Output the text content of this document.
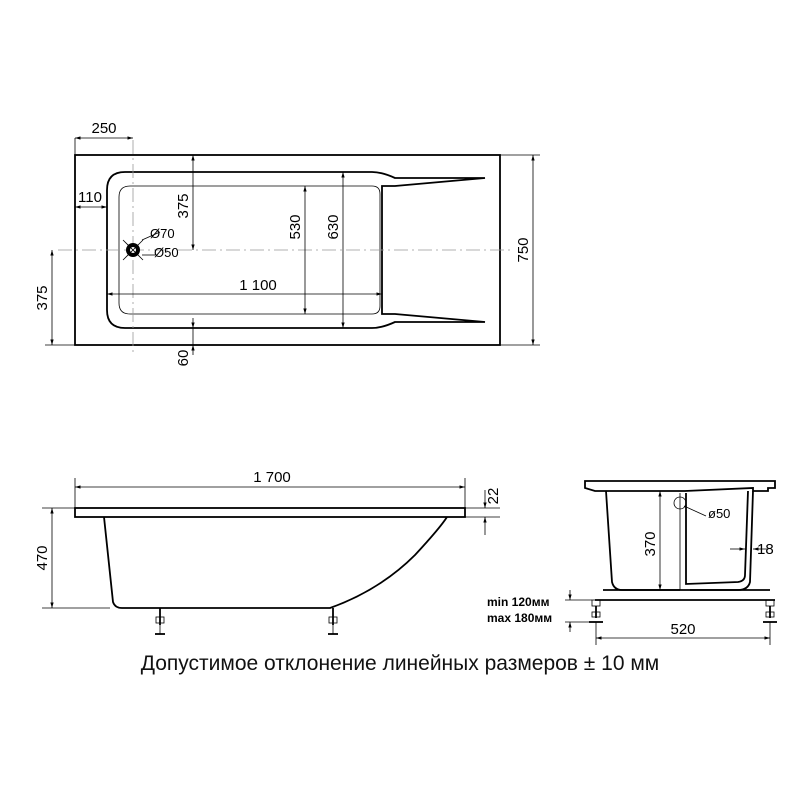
250
110	375
Ø70
Ø50
530 630
750
375	1 100
60
1 700
22
470
370
ø50
18
min 120мм
max 180мм
520
Допустимое отклонение линейных размеров ± 10 мм
